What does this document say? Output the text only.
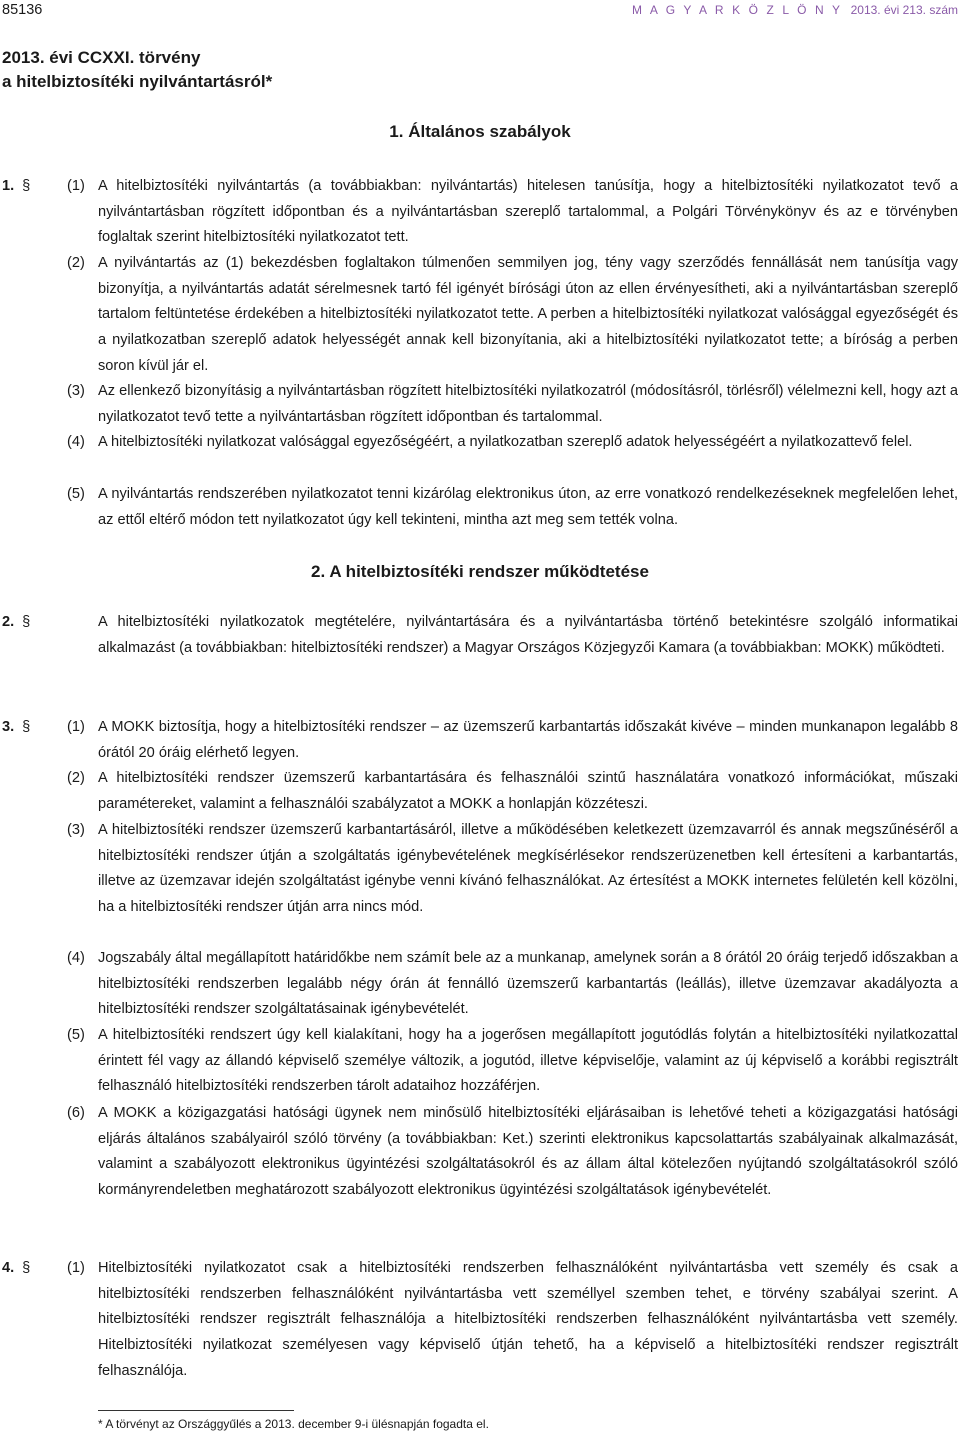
85136	M A G Y A R K Ö Z L Ö N Y 2013. évi 213. szám
2013. évi CCXXI. törvény
a hitelbiztosítéki nyilvántartásról*
1. Általános szabályok
1. §	(1) A hitelbiztosítéki nyilvántartás (a továbbiakban: nyilvántartás) hitelesen tanúsítja, hogy a hitelbiztosítéki nyilatkozatot tevő a nyilvántartásban rögzített időpontban és a nyilvántartásban szereplő tartalommal, a Polgári Törvénykönyv és az e törvényben foglaltak szerint hitelbiztosítéki nyilatkozatot tett.
(2) A nyilvántartás az (1) bekezdésben foglaltakon túlmenően semmilyen jog, tény vagy szerződés fennállását nem tanúsítja vagy bizonyítja, a nyilvántartás adatát sérelmesnek tartó fél igényét bírósági úton az ellen érvényesítheti, aki a nyilvántartásban szereplő tartalom feltüntetése érdekében a hitelbiztosítéki nyilatkozatot tette. A perben a hitelbiztosítéki nyilatkozat valósággal egyezőségét és a nyilatkozatban szereplő adatok helyességét annak kell bizonyítania, aki a hitelbiztosítéki nyilatkozatot tette; a bíróság a perben soron kívül jár el.
(3) Az ellenkező bizonyításig a nyilvántartásban rögzített hitelbiztosítéki nyilatkozatról (módosításról, törlésről) vélelmezni kell, hogy azt a nyilatkozatot tevő tette a nyilvántartásban rögzített időpontban és tartalommal.
(4) A hitelbiztosítéki nyilatkozat valósággal egyezőségéért, a nyilatkozatban szereplő adatok helyességéért a nyilatkozattevő felel.
(5) A nyilvántartás rendszerében nyilatkozatot tenni kizárólag elektronikus úton, az erre vonatkozó rendelkezéseknek megfelelően lehet, az ettől eltérő módon tett nyilatkozatot úgy kell tekinteni, mintha azt meg sem tették volna.
2. A hitelbiztosítéki rendszer működtetése
2. §	A hitelbiztosítéki nyilatkozatok megtételére, nyilvántartására és a nyilvántartásba történő betekintésre szolgáló informatikai alkalmazást (a továbbiakban: hitelbiztosítéki rendszer) a Magyar Országos Közjegyzői Kamara (a továbbiakban: MOKK) működteti.
3. §	(1) A MOKK biztosítja, hogy a hitelbiztosítéki rendszer – az üzemszerű karbantartás időszakát kivéve – minden munkanapon legalább 8 órától 20 óráig elérhető legyen.
(2) A hitelbiztosítéki rendszer üzemszerű karbantartására és felhasználói szintű használatára vonatkozó információkat, műszaki paramétereket, valamint a felhasználói szabályzatot a MOKK a honlapján közzéteszi.
(3) A hitelbiztosítéki rendszer üzemszerű karbantartásáról, illetve a működésében keletkezett üzemzavarról és annak megszűnéséről a hitelbiztosítéki rendszer útján a szolgáltatás igénybevételének megkísérlésekor rendszerüzenetben kell értesíteni a karbantartás, illetve az üzemzavar idején szolgáltatást igénybe venni kívánó felhasználókat. Az értesítést a MOKK internetes felületén kell közölni, ha a hitelbiztosítéki rendszer útján arra nincs mód.
(4) Jogszabály által megállapított határidőkbe nem számít bele az a munkanap, amelynek során a 8 órától 20 óráig terjedő időszakban a hitelbiztosítéki rendszerben legalább négy órán át fennálló üzemszerű karbantartás (leállás), illetve üzemzavar akadályozta a hitelbiztosítéki rendszer szolgáltatásainak igénybevételét.
(5) A hitelbiztosítéki rendszert úgy kell kialakítani, hogy ha a jogerősen megállapított jogutódlás folytán a hitelbiztosítéki nyilatkozattal érintett fél vagy az állandó képviselő személye változik, a jogutód, illetve képviselője, valamint az új képviselő a korábbi regisztrált felhasználó hitelbiztosítéki rendszerben tárolt adataihoz hozzáférjen.
(6) A MOKK a közigazgatási hatósági ügynek nem minősülő hitelbiztosítéki eljárásaiban is lehetővé teheti a közigazgatási hatósági eljárás általános szabályairól szóló törvény (a továbbiakban: Ket.) szerinti elektronikus kapcsolattartás szabályainak alkalmazását, valamint a szabályozott elektronikus ügyintézési szolgáltatásokról és az állam által kötelezően nyújtandó szolgáltatásokról szóló kormányrendeletben meghatározott szabályozott elektronikus ügyintézési szolgáltatások igénybevételét.
4. §	(1) Hitelbiztosítéki nyilatkozatot csak a hitelbiztosítéki rendszerben felhasználóként nyilvántartásba vett személy és csak a hitelbiztosítéki rendszerben felhasználóként nyilvántartásba vett személlyel szemben tehet, e törvény szabályai szerint. A hitelbiztosítéki rendszer regisztrált felhasználója a hitelbiztosítéki rendszerben felhasználóként nyilvántartásba vett személy. Hitelbiztosítéki nyilatkozat személyesen vagy képviselő útján tehető, ha a képviselő a hitelbiztosítéki rendszer regisztrált felhasználója.
* A törvényt az Országgyűlés a 2013. december 9-i ülésnapján fogadta el.
